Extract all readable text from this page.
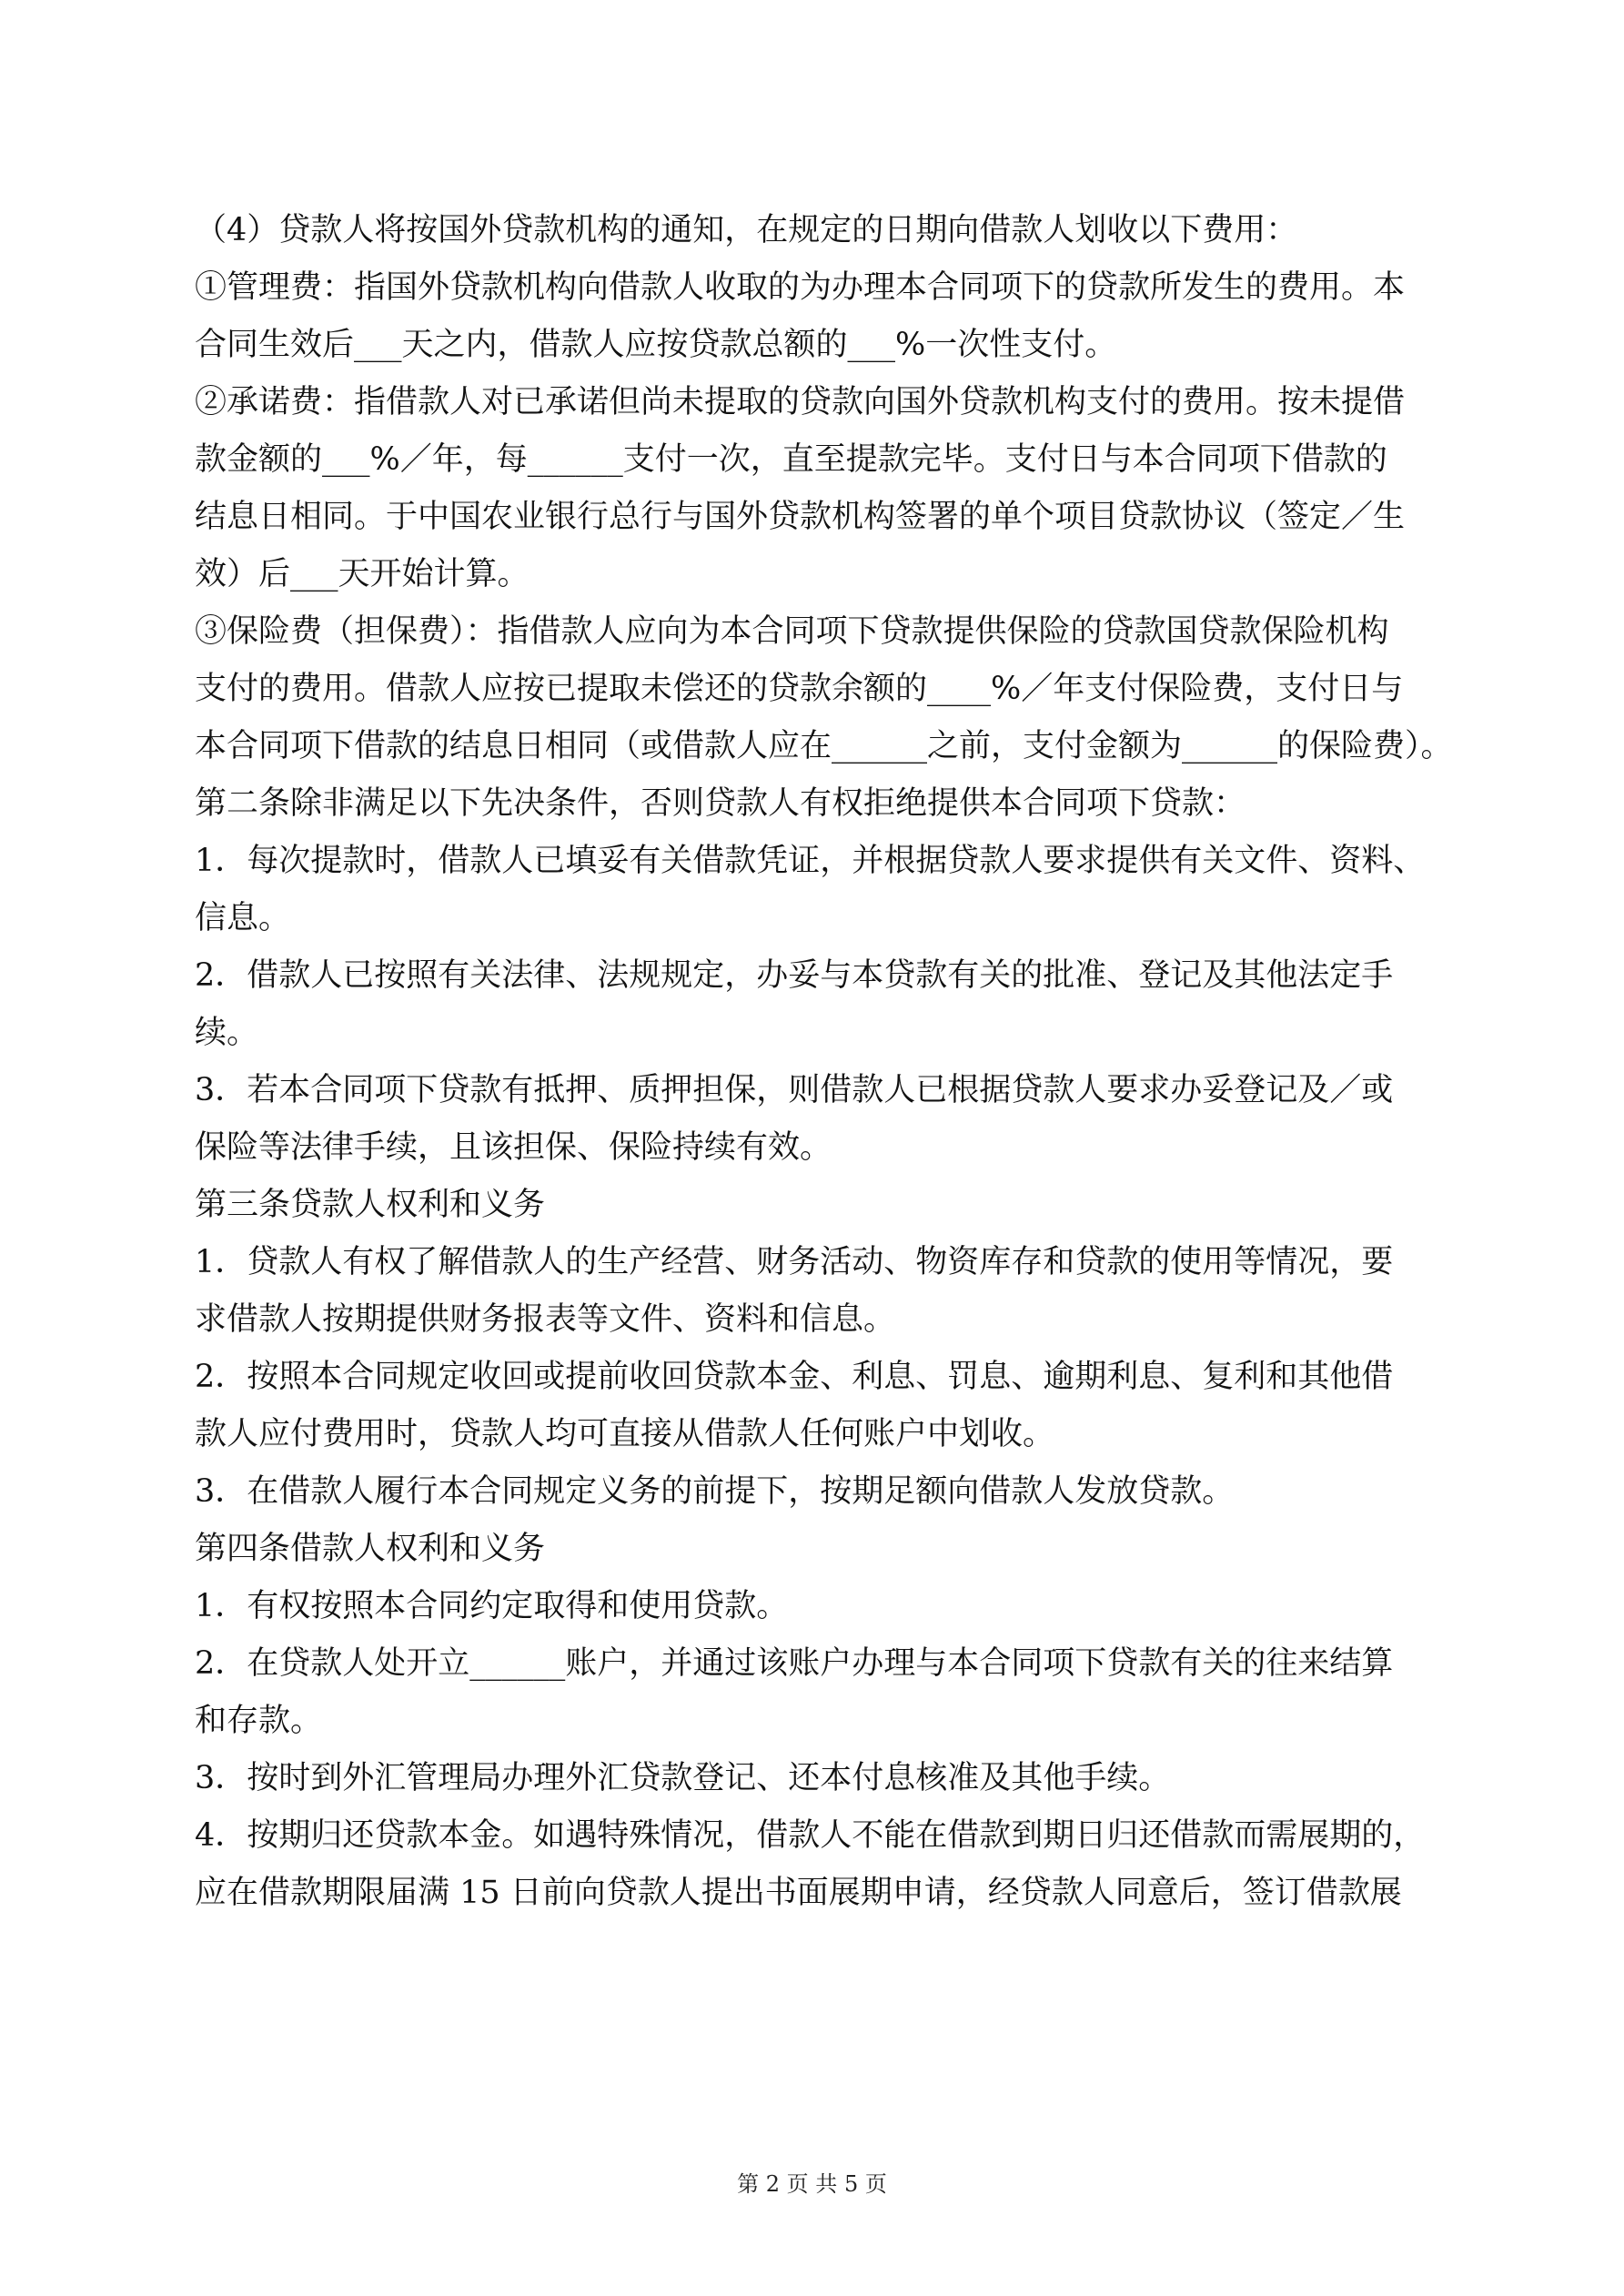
（4）贷款人将按国外贷款机构的通知，在规定的日期向借款人划收以下费用：
①管理费：指国外贷款机构向借款人收取的为办理本合同项下的贷款所发生的费用。本
合同生效后___天之内，借款人应按贷款总额的___%一次性支付。
②承诺费：指借款人对已承诺但尚未提取的贷款向国外贷款机构支付的费用。按未提借
款金额的___%／年，每______支付一次，直至提款完毕。支付日与本合同项下借款的
结息日相同。于中国农业银行总行与国外贷款机构签署的单个项目贷款协议（签定／生
效）后___天开始计算。
③保险费（担保费）：指借款人应向为本合同项下贷款提供保险的贷款国贷款保险机构
支付的费用。借款人应按已提取未偿还的贷款余额的____%／年支付保险费，支付日与
本合同项下借款的结息日相同（或借款人应在______之前，支付金额为______的保险费）。
第二条除非满足以下先决条件，否则贷款人有权拒绝提供本合同项下贷款：
1．每次提款时，借款人已填妥有关借款凭证，并根据贷款人要求提供有关文件、资料、
信息。
2．借款人已按照有关法律、法规规定，办妥与本贷款有关的批准、登记及其他法定手
续。
3．若本合同项下贷款有抵押、质押担保，则借款人已根据贷款人要求办妥登记及／或
保险等法律手续，且该担保、保险持续有效。
第三条贷款人权利和义务
1．贷款人有权了解借款人的生产经营、财务活动、物资库存和贷款的使用等情况，要
求借款人按期提供财务报表等文件、资料和信息。
2．按照本合同规定收回或提前收回贷款本金、利息、罚息、逾期利息、复利和其他借
款人应付费用时，贷款人均可直接从借款人任何账户中划收。
3．在借款人履行本合同规定义务的前提下，按期足额向借款人发放贷款。
第四条借款人权利和义务
1．有权按照本合同约定取得和使用贷款。
2．在贷款人处开立______账户，并通过该账户办理与本合同项下贷款有关的往来结算
和存款。
3．按时到外汇管理局办理外汇贷款登记、还本付息核准及其他手续。
4．按期归还贷款本金。如遇特殊情况，借款人不能在借款到期日归还借款而需展期的，
应在借款期限届满 15 日前向贷款人提出书面展期申请，经贷款人同意后，签订借款展
第 2 页 共 5 页
